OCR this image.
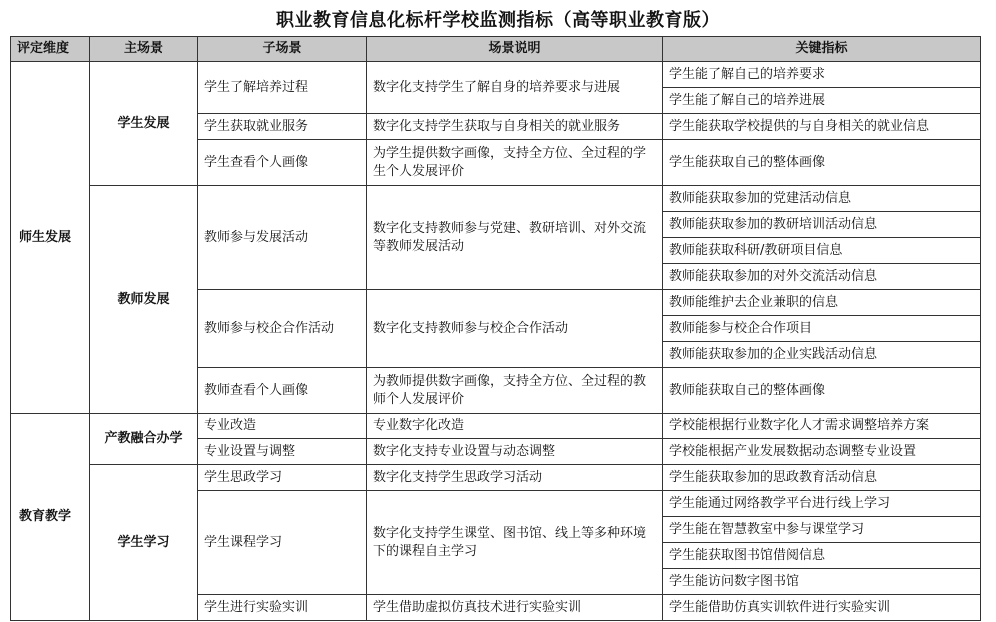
职业教育信息化标杆学校监测指标（高等职业教育版）
评定维度	主场景	子场景	场景说明	关键指标
师生发展	学生发展	学生了解培养过程	数字化支持学生了解自身的培养要求与进展	学生能了解自己的培养要求
				学生能了解自己的培养进展
		学生获取就业服务	数字化支持学生获取与自身相关的就业服务	学生能获取学校提供的与自身相关的就业信息
		学生查看个人画像	为学生提供数字画像，支持全方位、全过程的学生个人发展评价	学生能获取自己的整体画像
	教师发展	教师参与发展活动	数字化支持教师参与党建、教研培训、对外交流等教师发展活动	教师能获取参加的党建活动信息
				教师能获取参加的教研培训活动信息
				教师能获取科研/教研项目信息
				教师能获取参加的对外交流活动信息
		教师参与校企合作活动	数字化支持教师参与校企合作活动	教师能维护去企业兼职的信息
				教师能参与校企合作项目
				教师能获取参加的企业实践活动信息
		教师查看个人画像	为教师提供数字画像，支持全方位、全过程的教师个人发展评价	教师能获取自己的整体画像
教育教学	产教融合办学	专业改造	专业数字化改造	学校能根据行业数字化人才需求调整培养方案
		专业设置与调整	数字化支持专业设置与动态调整	学校能根据产业发展数据动态调整专业设置
	学生学习	学生思政学习	数字化支持学生思政学习活动	学生能获取参加的思政教育活动信息
		学生课程学习	数字化支持学生课堂、图书馆、线上等多种环境下的课程自主学习	学生能通过网络教学平台进行线上学习
				学生能在智慧教室中参与课堂学习
				学生能获取图书馆借阅信息
				学生能访问数字图书馆
		学生进行实验实训	学生借助虚拟仿真技术进行实验实训	学生能借助仿真实训软件进行实验实训
